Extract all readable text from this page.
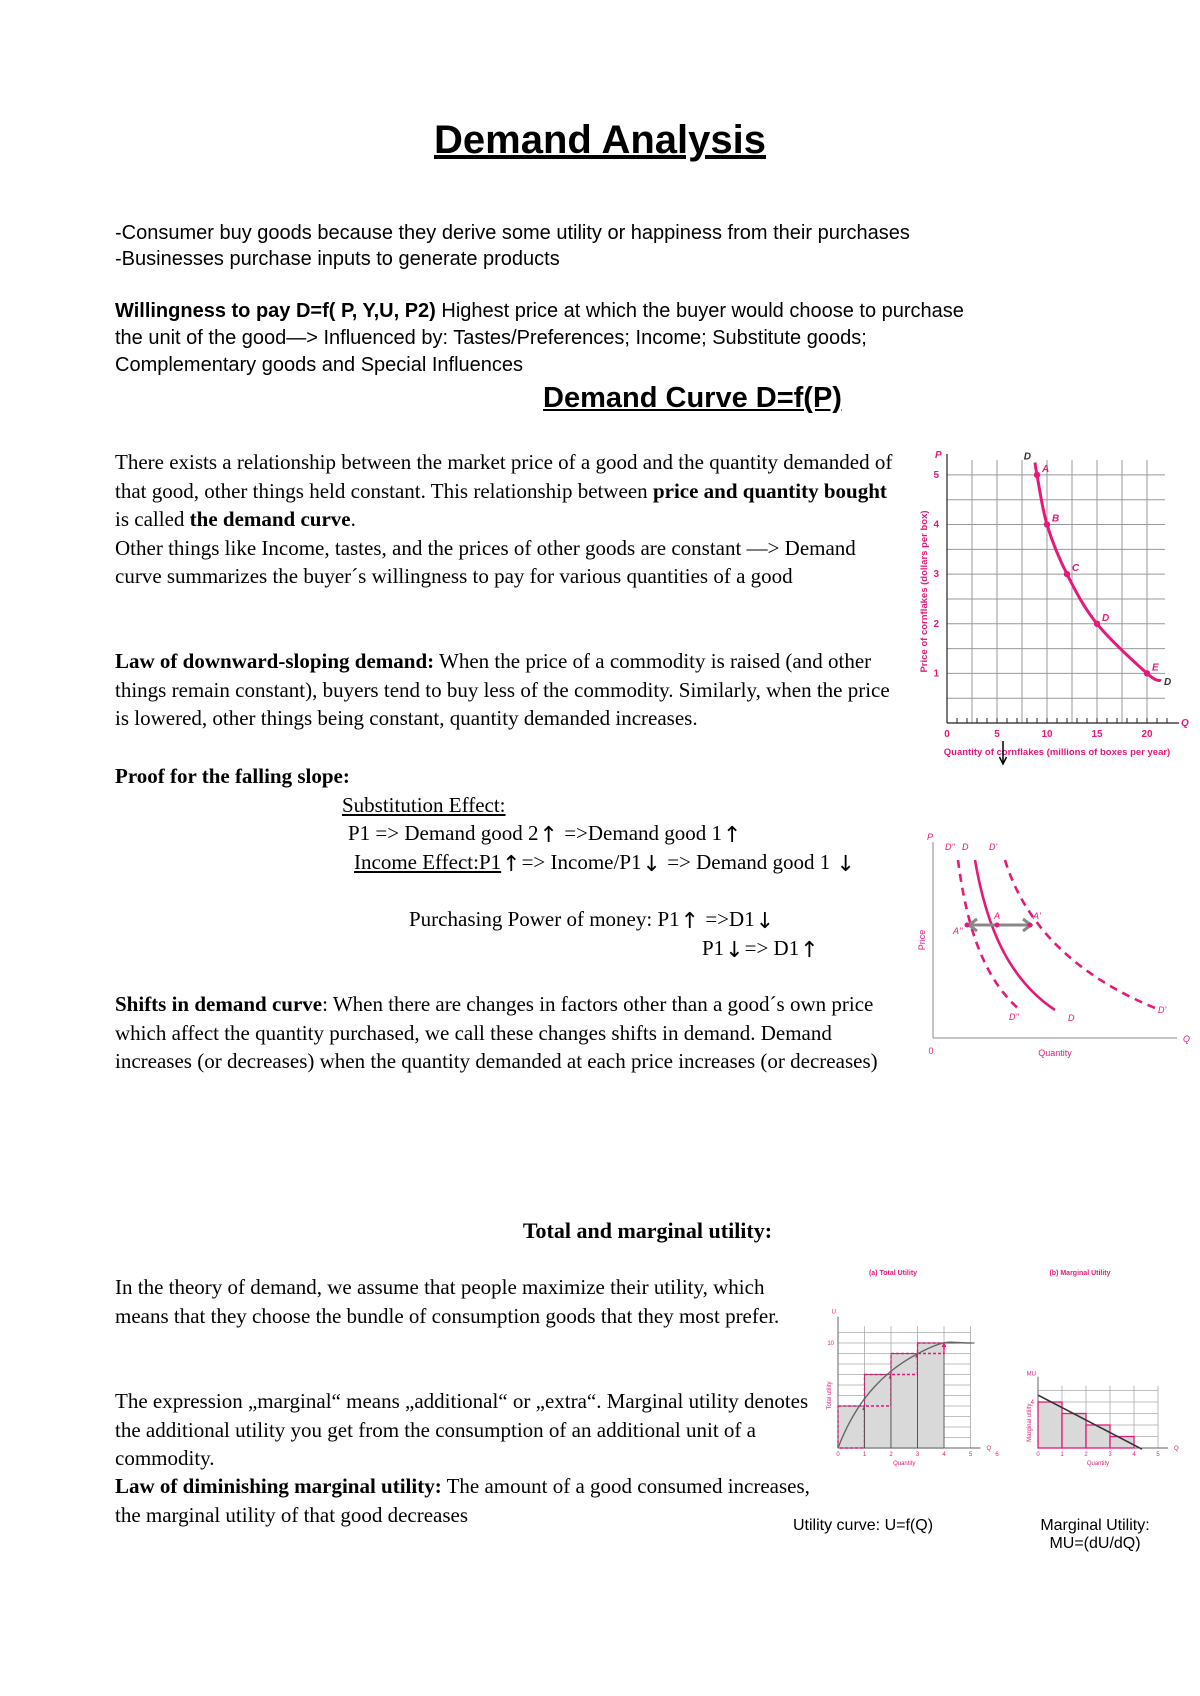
Demand Analysis
-Consumer buy goods because they derive some utility or happiness from their purchases
-Businesses purchase inputs to generate products
Willingness to pay D=f( P, Y,U, P2) Highest price at which the buyer would choose to purchase
the unit of the good—> Influenced by: Tastes/Preferences; Income; Substitute goods;
Complementary goods and Special Influences
Demand Curve D=f(P)
There exists a relationship between the market price of a good and the quantity demanded of that good, other things held constant. This relationship between price and quantity bought is called the demand curve.
Other things like Income, tastes, and the prices of other goods are constant —> Demand curve summarizes the buyer´s willingness to pay for various quantities of a good
Law of downward-sloping demand: When the price of a commodity is raised (and other things remain constant), buyers tend to buy less of the commodity. Similarly, when the price is lowered, other things being constant, quantity demanded increases.
Proof for the falling slope:
Substitution Effect:
P1 => Demand good 2↑ =>Demand good 1↑
Income Effect:P1↑=> Income/P1↓ => Demand good 1 ↓
Purchasing Power of money: P1↑ =>D1↓
P1↓=> D1↑
Shifts in demand curve: When there are changes in factors other than a good´s own price which affect the quantity purchased, we call these changes shifts in demand. Demand increases (or decreases) when the quantity demanded at each price increases (or decreases)
Total and marginal utility:
In the theory of demand, we assume that people maximize their utility, which means that they choose the bundle of consumption goods that they most prefer.
The expression „marginal“ means „additional“ or „extra“. Marginal utility denotes the additional utility you get from the consumption of an additional unit of a commodity.
Law of diminishing marginal utility: The amount of a good consumed increases, the marginal utility of that good decreases	Utility curve: U=f(Q)	Marginal Utility:
MU=(dU/dQ)
0	5	10	15	20
1
2
3
4
5
P
Q
Quantity of cornflakes (millions of boxes per year)
Price of cornflakes (dollars per box)
A
B
C
D
E
D
D
P
Q
0	Quantity
Price
D''	D
D'
D'' D D'
A''
A	A'
(a) Total Utility
U
10
Q
Total utility
Quantity
0	1	2	3	4	5	6
(b) Marginal Utility
MU
4
Q
Marginal utility
Quantity
0	1	2	3	4	5
